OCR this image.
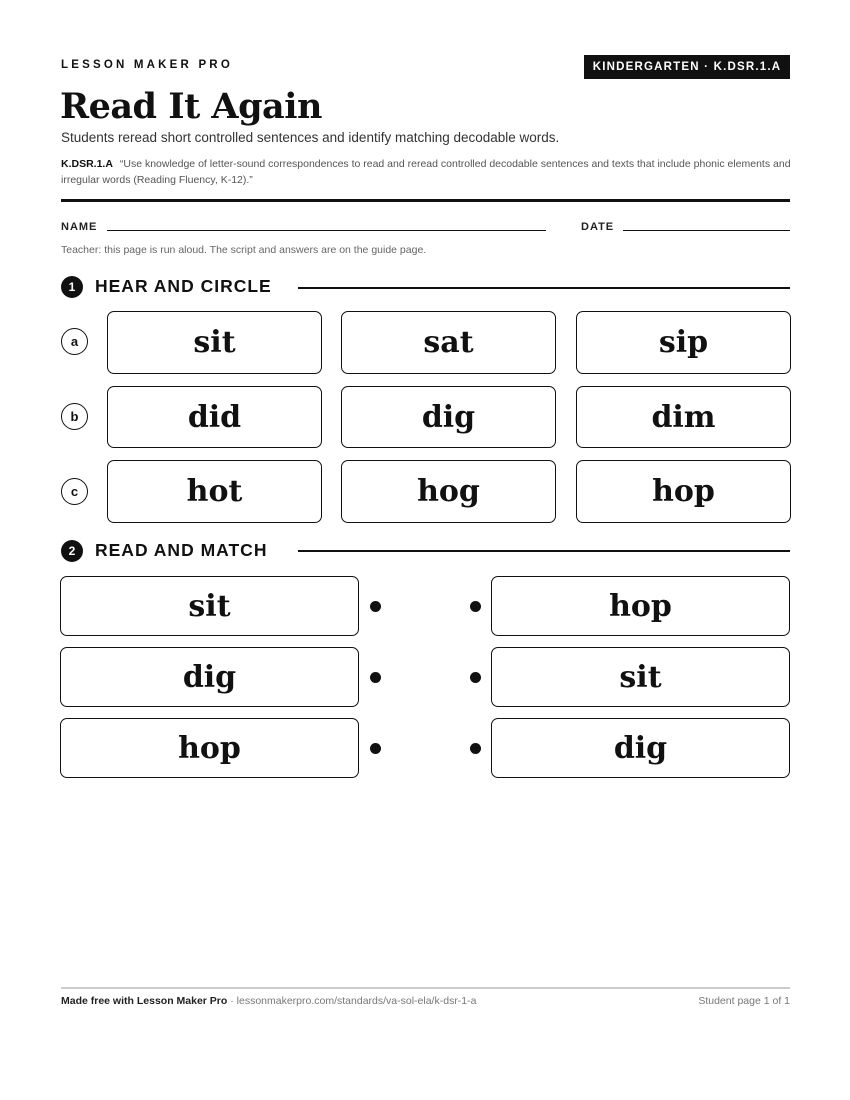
LESSON MAKER PRO	KINDERGARTEN · K.DSR.1.A
Read It Again
Students reread short controlled sentences and identify matching decodable words.
K.DSR.1.A “Use knowledge of letter-sound correspondences to read and reread controlled decodable sentences and texts that include phonic elements and irregular words (Reading Fluency, K-12).”
NAME	DATE
Teacher: this page is run aloud. The script and answers are on the guide page.
1	HEAR AND CIRCLE
a	sit	sat	sip
b	did	dig	dim
c	hot	hog	hop
2	READ AND MATCH
sit	hop
dig	sit
hop	dig
Made free with Lesson Maker Pro · lessonmakerpro.com/standards/va-sol-ela/k-dsr-1-a	Student page 1 of 1
